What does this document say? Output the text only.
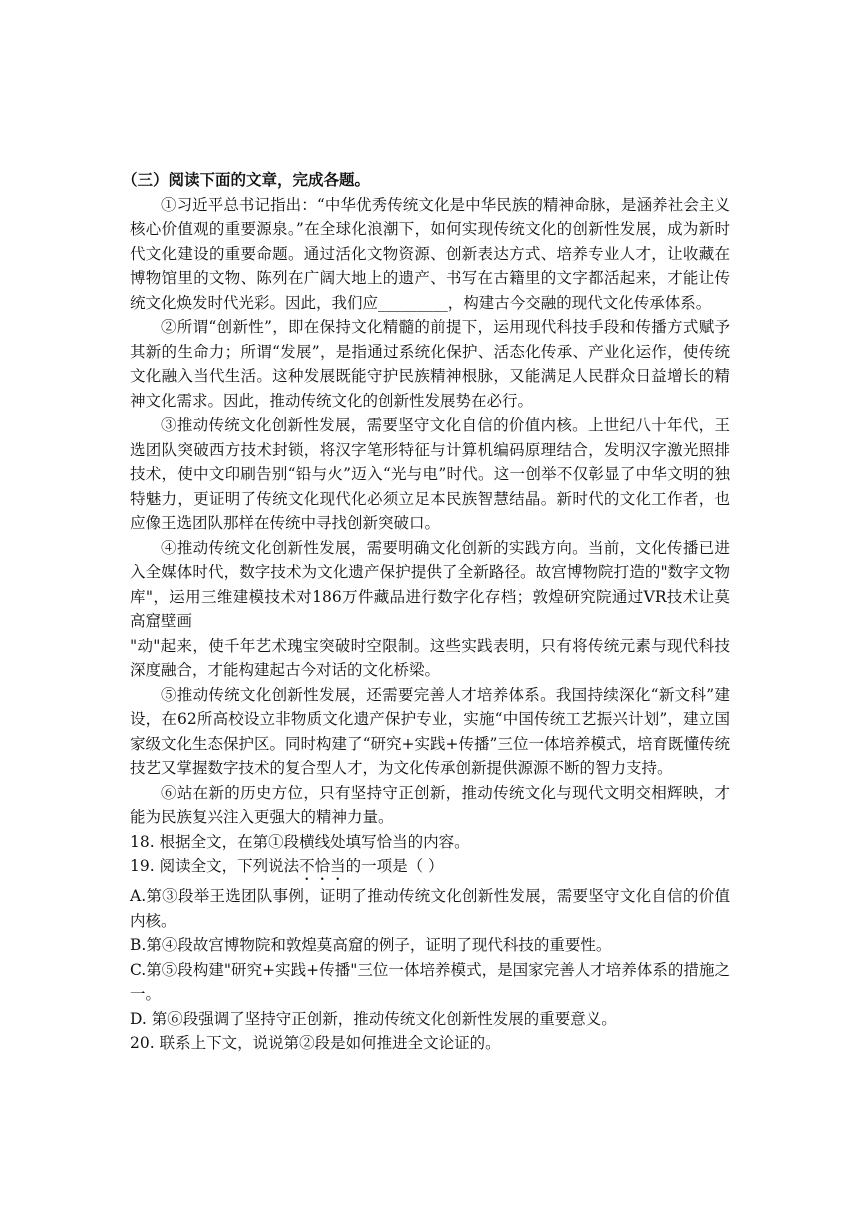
（三）阅读下面的文章，完成各题。
①习近平总书记指出：“中华优秀传统文化是中华民族的精神命脉，是涵养社会主义核心价值观的重要源泉。”在全球化浪潮下，如何实现传统文化的创新性发展，成为新时代文化建设的重要命题。通过活化文物资源、创新表达方式、培养专业人才，让收藏在博物馆里的文物、陈列在广阔大地上的遗产、书写在古籍里的文字都活起来，才能让传统文化焕发时代光彩。因此，我们应_________，构建古今交融的现代文化传承体系。
②所谓“创新性”，即在保持文化精髓的前提下，运用现代科技手段和传播方式赋予其新的生命力；所谓“发展”，是指通过系统化保护、活态化传承、产业化运作，使传统文化融入当代生活。这种发展既能守护民族精神根脉，又能满足人民群众日益增长的精神文化需求。因此，推动传统文化的创新性发展势在必行。
③推动传统文化创新性发展，需要坚守文化自信的价值内核。上世纪八十年代，王选团队突破西方技术封锁，将汉字笔形特征与计算机编码原理结合，发明汉字激光照排技术，使中文印刷告别“铅与火”迈入“光与电”时代。这一创举不仅彰显了中华文明的独特魅力，更证明了传统文化现代化必须立足本民族智慧结晶。新时代的文化工作者，也应像王选团队那样在传统中寻找创新突破口。
④推动传统文化创新性发展，需要明确文化创新的实践方向。当前，文化传播已进入全媒体时代，数字技术为文化遗产保护提供了全新路径。故宫博物院打造的"数字文物库"，运用三维建模技术对186万件藏品进行数字化存档；敦煌研究院通过VR技术让莫高窟壁画
"动"起来，使千年艺术瑰宝突破时空限制。这些实践表明，只有将传统元素与现代科技深度融合，才能构建起古今对话的文化桥梁。
⑤推动传统文化创新性发展，还需要完善人才培养体系。我国持续深化“新文科”建设，在62所高校设立非物质文化遗产保护专业，实施“中国传统工艺振兴计划”，建立国家级文化生态保护区。同时构建了“研究+实践+传播”三位一体培养模式，培育既懂传统技艺又掌握数字技术的复合型人才，为文化传承创新提供源源不断的智力支持。
⑥站在新的历史方位，只有坚持守正创新，推动传统文化与现代文明交相辉映，才能为民族复兴注入更强大的精神力量。
18. 根据全文，在第①段横线处填写恰当的内容。
19. 阅读全文，下列说法不恰当的一项是（ ）
A.第③段举王选团队事例，证明了推动传统文化创新性发展，需要坚守文化自信的价值内核。
B.第④段故宫博物院和敦煌莫高窟的例子，证明了现代科技的重要性。
C.第⑤段构建"研究+实践+传播"三位一体培养模式，是国家完善人才培养体系的措施之一。
D. 第⑥段强调了坚持守正创新，推动传统文化创新性发展的重要意义。
20. 联系上下文，说说第②段是如何推进全文论证的。
